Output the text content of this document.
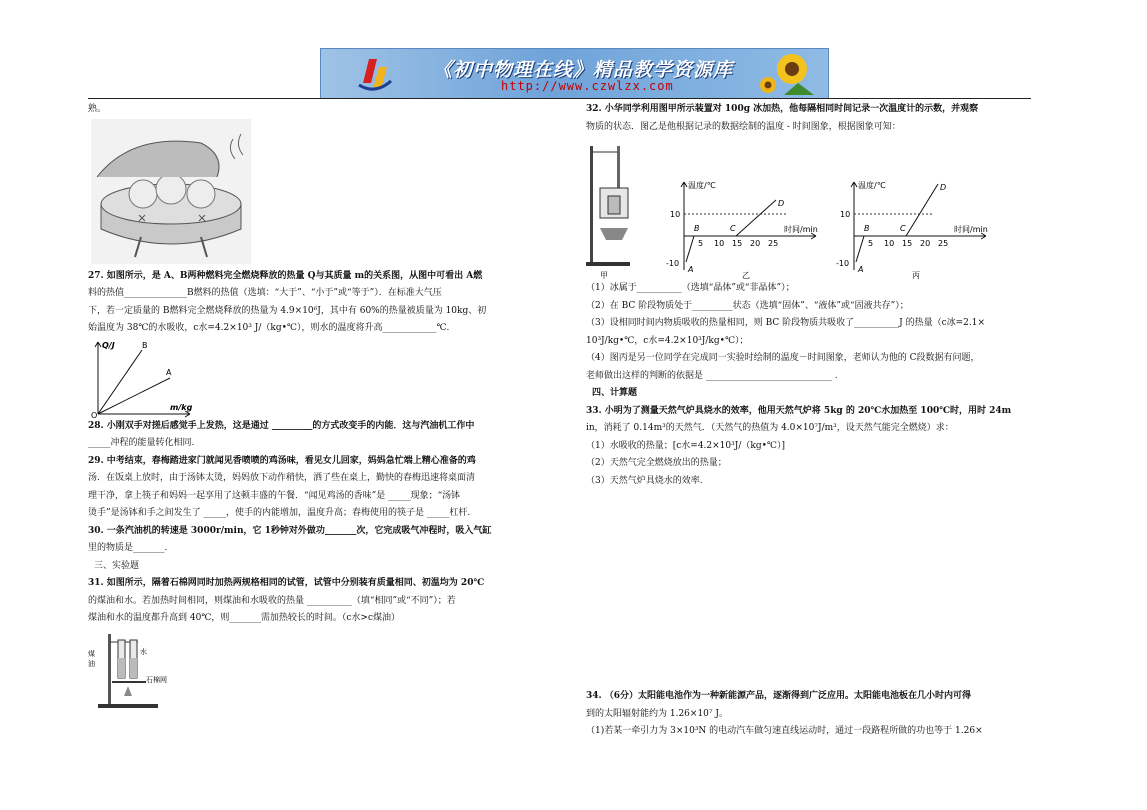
《初中物理在线》精品教学资源库
http://www.czwlzx.com

熟。

27. 如图所示，是 A、B两种燃料完全燃烧释放的热量 Q与其质量 m的关系图，从图中可看出 A燃

料的热值______________B燃料的热值（选填：“大于”、“小于”或“等于”）．在标准大气压

下，若一定质量的 B燃料完全燃烧释放的热量为 4.9×10⁶J，其中有 60%的热量被质量为 10kg、初

始温度为 38℃的水吸收，c水=4.2×10³ J/（kg•℃），则水的温度将升高____________℃.

Q/J
m/kg
O
B
A

28. 小刚双手对搓后感觉手上发热，这是通过 _________的方式改变手的内能．这与汽油机工作中

_____冲程的能量转化相同.

29. 中考结束，春梅踏进家门就闻见香喷喷的鸡汤味，看见女儿回家，妈妈急忙端上精心准备的鸡

汤．在饭桌上放时，由于汤钵太烫，妈妈放下动作稍快，洒了些在桌上，勤快的春梅迅速将桌面清

理干净，拿上筷子和妈妈一起享用了这顿丰盛的午餐．“闻见鸡汤的香味”是 _____现象；“汤钵

烫手”是汤钵和手之间发生了 _____，使手的内能增加，温度升高；春梅使用的筷子是 _____杠杆.

30. 一条汽油机的转速是 3000r/min，它 1秒钟对外做功_______次，它完成吸气冲程时，吸入气缸

里的物质是_______.

三、实验题

31. 如图所示，隔着石棉网同时加热两规格相同的试管，试管中分别装有质量相同、初温均为 20℃

的煤油和水。若加热时间相同，则煤油和水吸收的热量 __________（填“相同”或“不同”）；若

煤油和水的温度都升高到 40℃，则_______需加热较长的时间。（c水>c煤油）

煤
油
水
石棉网

32. 小华同学利用图甲所示装置对 100g 冰加热，他每隔相同时间记录一次温度计的示数，并观察

物质的状态．图乙是他根据记录的数据绘制的温度 - 时间图象，根据图象可知：

甲
温度/℃
时间/min
10
-10
A
B	C
D
5 10 15 20 25
乙
温度/℃
时间/min
10
-10
A
B	C
D
5 10 15 20 25
丙

（1）冰属于__________（选填“晶体”或“非晶体”）；

（2）在 BC 阶段物质处于_________状态（选填“固体”、“液体”或“固液共存”）；

（3）设相同时间内物质吸收的热量相同，则 BC 阶段物质共吸收了__________J 的热量（c冰=2.1×

10³J/kg•℃，c水=4.2×10³J/kg•℃）；

（4）图丙是另一位同学在完成同一实验时绘制的温度－时间图象，老师认为他的 C段数据有问题，

老师做出这样的判断的依据是 ____________________________ .

四、计算题

33. 小明为了测量天然气炉具烧水的效率，他用天然气炉将 5kg 的 20℃水加热至 100℃时，用时 24m

in，消耗了 0.14m³的天然气．（天然气的热值为 4.0×10⁷J/m³，设天然气能完全燃烧）求：

（1）水吸收的热量；[c水=4.2×10³J/（kg•℃）]

（2）天然气完全燃烧放出的热量；

（3）天然气炉具烧水的效率.

34. （6分）太阳能电池作为一种新能源产品，逐渐得到广泛应用。太阳能电池板在几小时内可得

到的太阳辐射能约为 1.26×10⁷ J。

（1)若某一牵引力为 3×10³N 的电动汽车做匀速直线运动时，通过一段路程所做的功也等于 1.26×
